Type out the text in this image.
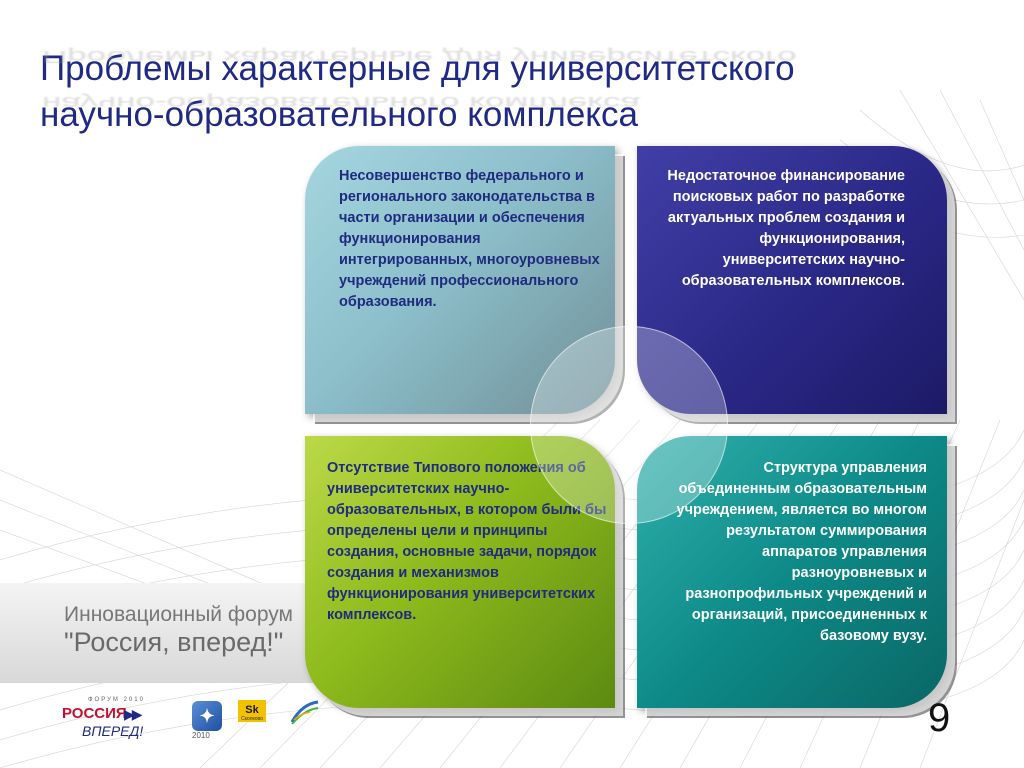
Проблемы характерные для университетского Проблемы характерные для университетского
научно-образовательного комплекса научно-образовательного комплекса
Несовершенство федерального и регионального законодательства в части организации и обеспечения функционирования интегрированных, многоуровневых учреждений профессионального образования.
Недостаточное финансирование поисковых работ по разработке актуальных проблем создания и функционирования, университетских научно-образовательных комплексов.
Отсутствие Типового положения об университетских научно-образовательных, в котором были бы определены цели и принципы создания, основные задачи, порядок создания и механизмов функционирования университетских комплексов.
Структура управления объединенным образовательным учреждением, является во многом результатом суммирования аппаратов управления разноуровневых и разнопрофильных учреждений и организаций, присоединенных к базовому вузу.
Инновационный форум
"Россия, вперед!"
ФОРУМ 2010
РОССИЯ
▶▶
ВПЕРЕД!
✦
2010
Sk
Сколково	9
